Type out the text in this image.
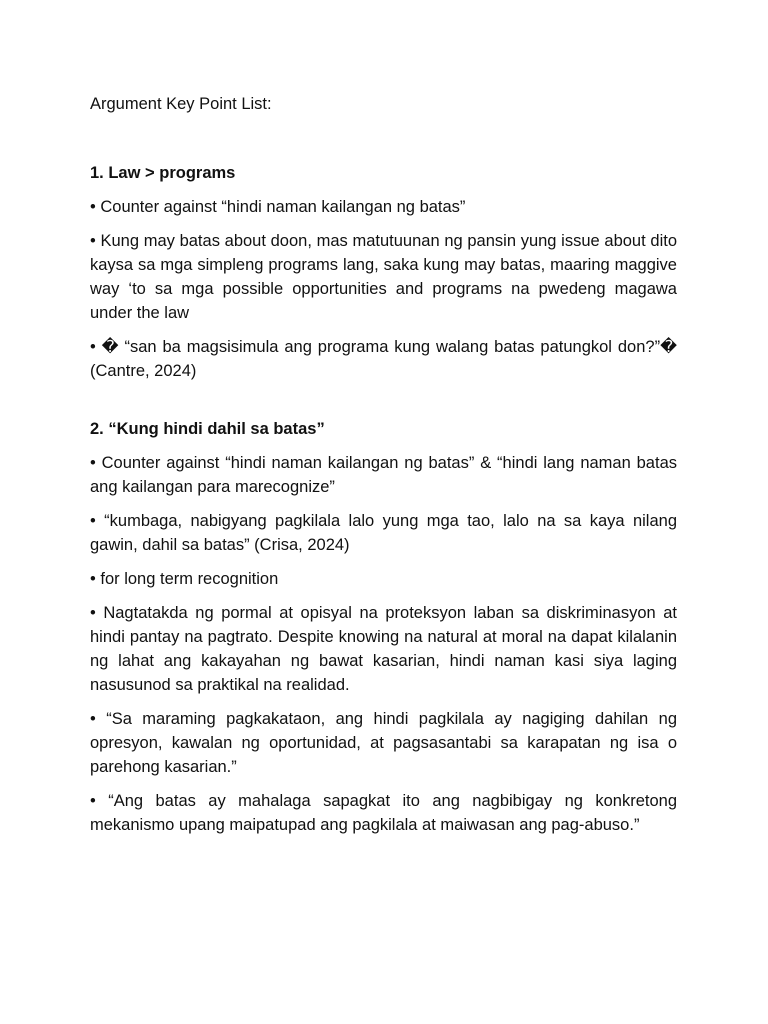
Argument Key Point List:

1. Law > programs

• Counter against “hindi naman kailangan ng batas”

• Kung may batas about doon, mas matutuunan ng pansin yung issue about dito kaysa sa mga simpleng programs lang, saka kung may batas, maaring maggive way ‘to sa mga possible opportunities and programs na pwedeng magawa under the law

• � “san ba magsisimula ang programa kung walang batas patungkol don?”� (Cantre, 2024)

2. “Kung hindi dahil sa batas”

• Counter against “hindi naman kailangan ng batas” & “hindi lang naman batas ang kailangan para marecognize”

• “kumbaga, nabigyang pagkilala lalo yung mga tao, lalo na sa kaya nilang gawin, dahil sa batas” (Crisa, 2024)

• for long term recognition

• Nagtatakda ng pormal at opisyal na proteksyon laban sa diskriminasyon at hindi pantay na pagtrato. Despite knowing na natural at moral na dapat kilalanin ng lahat ang kakayahan ng bawat kasarian, hindi naman kasi siya laging nasusunod sa praktikal na realidad.

• “Sa maraming pagkakataon, ang hindi pagkilala ay nagiging dahilan ng opresyon, kawalan ng oportunidad, at pagsasantabi sa karapatan ng isa o parehong kasarian.”

• “Ang batas ay mahalaga sapagkat ito ang nagbibigay ng konkretong mekanismo upang maipatupad ang pagkilala at maiwasan ang pag-abuso.”
